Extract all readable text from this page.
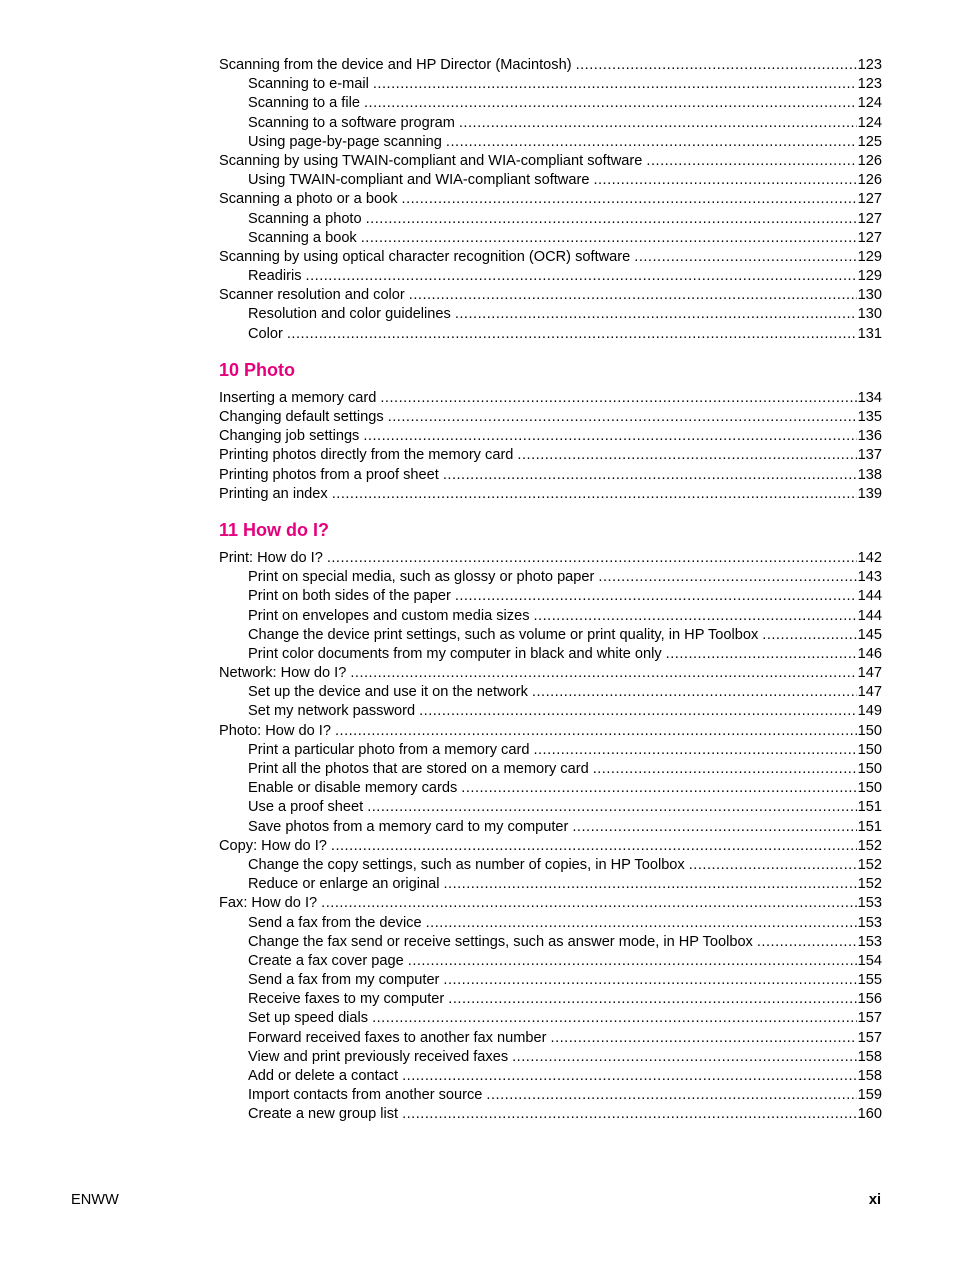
Scanning from the device and HP Director (Macintosh) .....	123
Scanning to e-mail .....	123
Scanning to a file .....	124
Scanning to a software program .....	124
Using page-by-page scanning .....	125
Scanning by using TWAIN-compliant and WIA-compliant software .....	126
Using TWAIN-compliant and WIA-compliant software .....	126
Scanning a photo or a book .....	127
Scanning a photo .....	127
Scanning a book .....	127
Scanning by using optical character recognition (OCR) software .....	129
Readiris .....	129
Scanner resolution and color .....	130
Resolution and color guidelines .....	130
Color .....	131
10 Photo
Inserting a memory card .....	134
Changing default settings .....	135
Changing job settings .....	136
Printing photos directly from the memory card .....	137
Printing photos from a proof sheet .....	138
Printing an index .....	139
11 How do I?
Print: How do I? .....	142
Print on special media, such as glossy or photo paper .....	143
Print on both sides of the paper .....	144
Print on envelopes and custom media sizes .....	144
Change the device print settings, such as volume or print quality, in HP Toolbox .....	145
Print color documents from my computer in black and white only .....	146
Network: How do I? .....	147
Set up the device and use it on the network .....	147
Set my network password .....	149
Photo: How do I? .....	150
Print a particular photo from a memory card .....	150
Print all the photos that are stored on a memory card .....	150
Enable or disable memory cards .....	150
Use a proof sheet .....	151
Save photos from a memory card to my computer .....	151
Copy: How do I? .....	152
Change the copy settings, such as number of copies, in HP Toolbox .....	152
Reduce or enlarge an original .....	152
Fax: How do I? .....	153
Send a fax from the device .....	153
Change the fax send or receive settings, such as answer mode, in HP Toolbox .....	153
Create a fax cover page .....	154
Send a fax from my computer .....	155
Receive faxes to my computer .....	156
Set up speed dials .....	157
Forward received faxes to another fax number .....	157
View and print previously received faxes .....	158
Add or delete a contact .....	158
Import contacts from another source .....	159
Create a new group list .....	160
ENWW	xi
